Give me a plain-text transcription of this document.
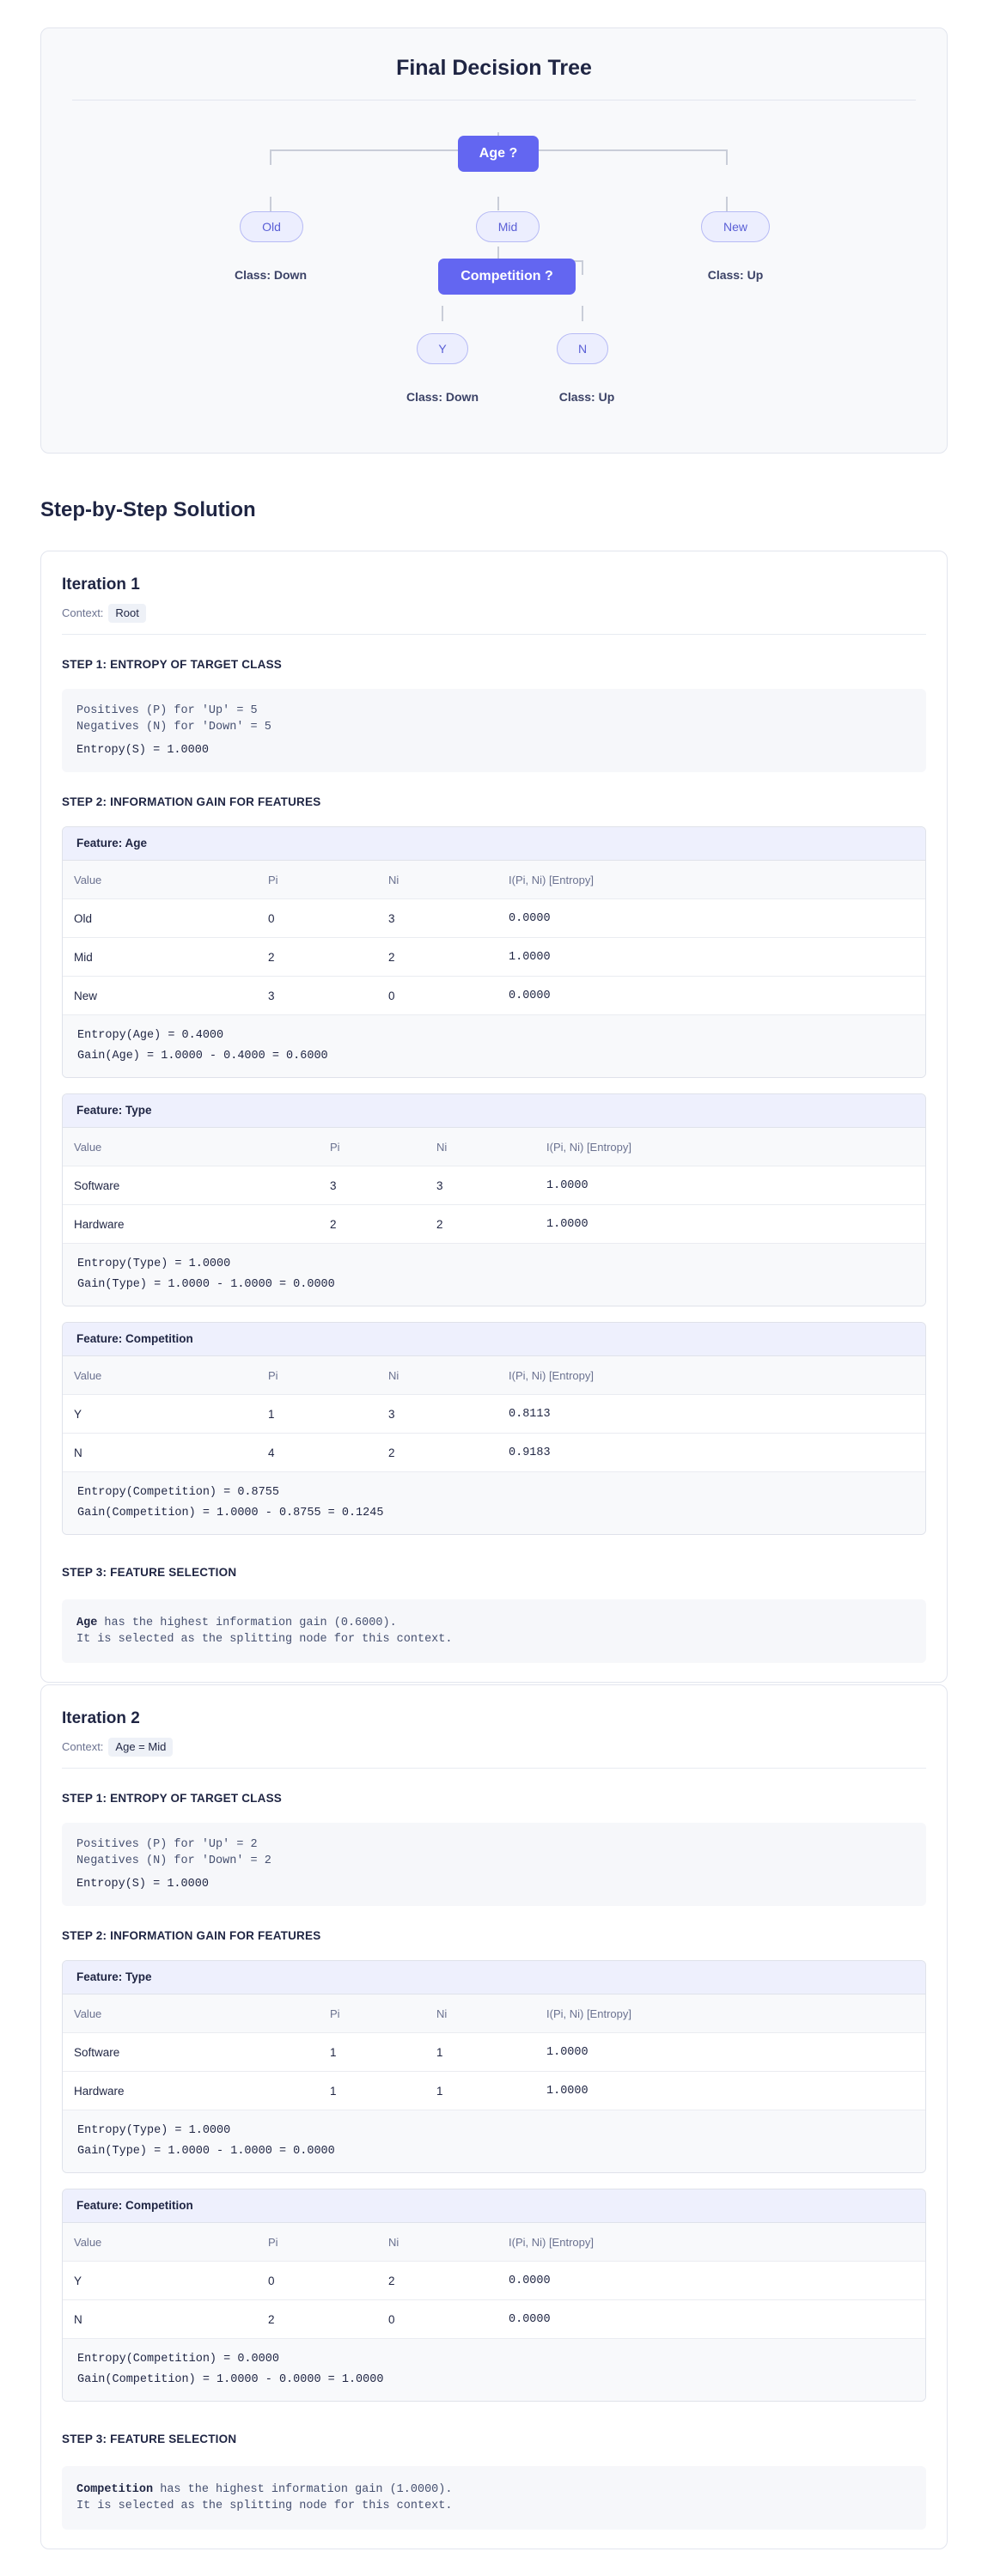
Final Decision Tree
Age ?
Old	Mid	New
Class: Down	Class: Up
Competition ?
Y	N
Class: Down	Class: Up
Step-by-Step Solution
Iteration 1
Context: Root
STEP 1: ENTROPY OF TARGET CLASS
Positives (P) for 'Up' = 5
Negatives (N) for 'Down' = 5
Entropy(S) = 1.0000
STEP 2: INFORMATION GAIN FOR FEATURES
Feature: Age
Value	Pi	Ni	I(Pi, Ni) [Entropy]
Old	0	3	0.0000
Mid	2	2	1.0000
New	3	0	0.0000
Entropy(Age) = 0.4000
Gain(Age) = 1.0000 - 0.4000 = 0.6000
Feature: Type
Value	Pi	Ni	I(Pi, Ni) [Entropy]
Software	3	3	1.0000
Hardware	2	2	1.0000
Entropy(Type) = 1.0000
Gain(Type) = 1.0000 - 1.0000 = 0.0000
Feature: Competition
Value	Pi	Ni	I(Pi, Ni) [Entropy]
Y	1	3	0.8113
N	4	2	0.9183
Entropy(Competition) = 0.8755
Gain(Competition) = 1.0000 - 0.8755 = 0.1245
STEP 3: FEATURE SELECTION
Age has the highest information gain (0.6000).
It is selected as the splitting node for this context.
Iteration 2
Context: Age = Mid
STEP 1: ENTROPY OF TARGET CLASS
Positives (P) for 'Up' = 2
Negatives (N) for 'Down' = 2
Entropy(S) = 1.0000
STEP 2: INFORMATION GAIN FOR FEATURES
Feature: Type
Value	Pi	Ni	I(Pi, Ni) [Entropy]
Software	1	1	1.0000
Hardware	1	1	1.0000
Entropy(Type) = 1.0000
Gain(Type) = 1.0000 - 1.0000 = 0.0000
Feature: Competition
Value	Pi	Ni	I(Pi, Ni) [Entropy]
Y	0	2	0.0000
N	2	0	0.0000
Entropy(Competition) = 0.0000
Gain(Competition) = 1.0000 - 0.0000 = 1.0000
STEP 3: FEATURE SELECTION
Competition has the highest information gain (1.0000).
It is selected as the splitting node for this context.
